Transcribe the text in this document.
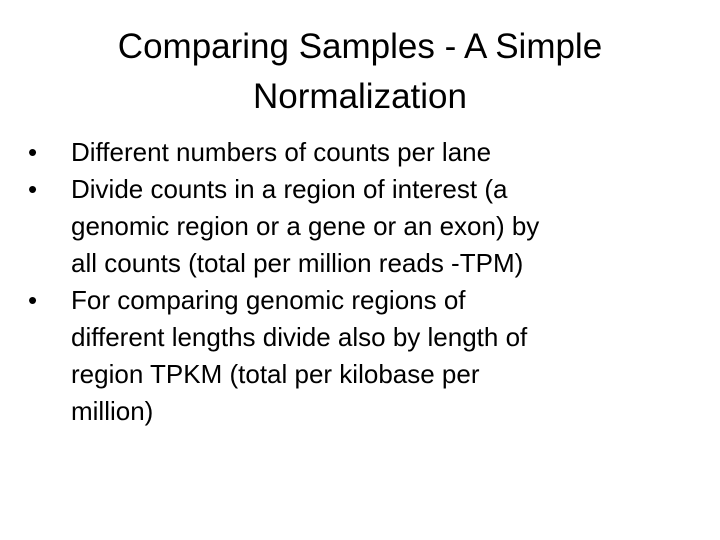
Comparing Samples - A Simple
Normalization
•	Different numbers of counts per lane
•	Divide counts in a region of interest (a
genomic region or a gene or an exon) by
all counts (total per million reads -TPM)
•	For comparing genomic regions of
different lengths divide also by length of
region TPKM (total per kilobase per
million)
